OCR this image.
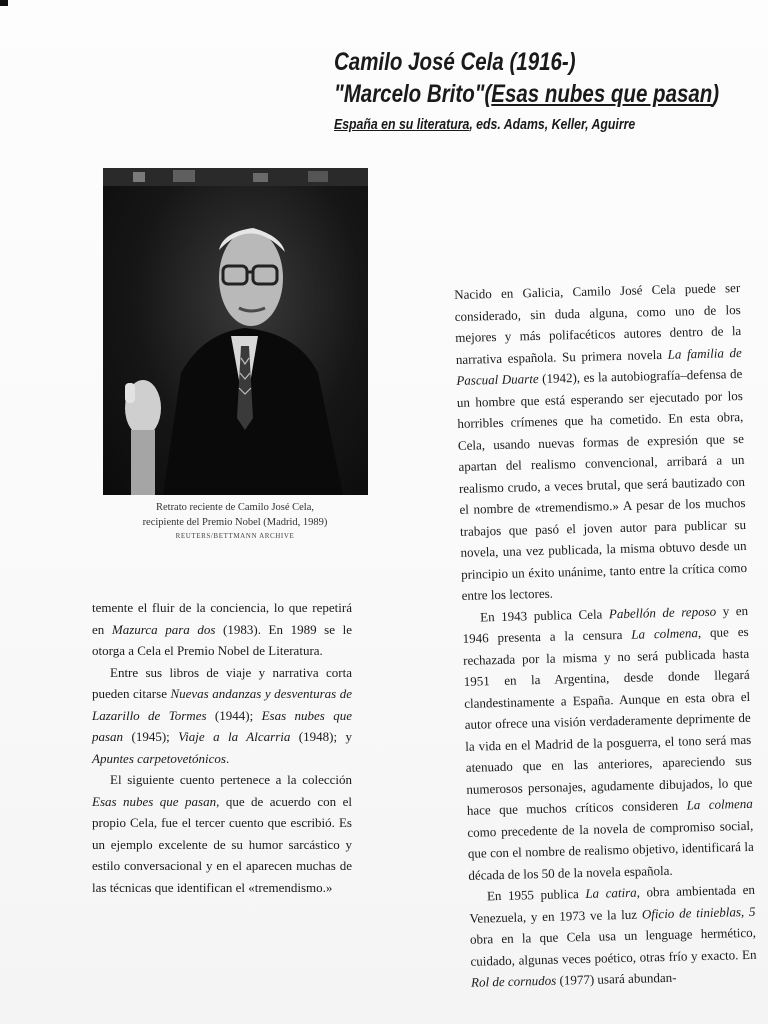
Camilo José Cela (1916-)
"Marcelo Brito"(Esas nubes que pasan)
España en su literatura, eds. Adams, Keller, Aguirre
Retrato reciente de Camilo José Cela,
recipiente del Premio Nobel (Madrid, 1989)
REUTERS/BETTMANN ARCHIVE

Nacido en Galicia, Camilo José Cela puede ser considerado, sin duda alguna, como uno de los mejores y más polifacéticos autores dentro de la narrativa española. Su primera novela La familia de Pascual Duarte (1942), es la autobiografía–defensa de un hombre que está esperando ser ejecutado por los horribles crímenes que ha cometido. En esta obra, Cela, usando nuevas formas de expresión que se apartan del realismo convencional, arribará a un realismo crudo, a veces brutal, que será bautizado con el nombre de «tremendismo.» A pesar de los muchos trabajos que pasó el joven autor para publicar su novela, una vez publicada, la misma obtuvo desde un principio un éxito unánime, tanto entre la crítica como entre los lectores.

En 1943 publica Cela Pabellón de reposo y en 1946 presenta a la censura La colmena, que es rechazada por la misma y no será publicada hasta 1951 en la Argentina, desde donde llegará clandestinamente a España. Aunque en esta obra el autor ofrece una visión verdaderamente deprimente de la vida en el Madrid de la posguerra, el tono será mas atenuado que en las anteriores, apareciendo sus numerosos personajes, agudamente dibujados, lo que hace que muchos críticos consideren La colmena como precedente de la novela de compromiso social, que con el nombre de realismo objetivo, identificará la década de los 50 de la novela española.

En 1955 publica La catira, obra ambientada en Venezuela, y en 1973 ve la luz Oficio de tinieblas, 5 obra en la que Cela usa un lenguage hermético, cuidado, algunas veces poético, otras frío y exacto. En Rol de cornudos (1977) usará abundan-

temente el fluir de la conciencia, lo que repetirá en Mazurca para dos (1983). En 1989 se le otorga a Cela el Premio Nobel de Literatura.

Entre sus libros de viaje y narrativa corta pueden citarse Nuevas andanzas y desventuras de Lazarillo de Tormes (1944); Esas nubes que pasan (1945); Viaje a la Alcarria (1948); y Apuntes carpetovetónicos.

El siguiente cuento pertenece a la colección Esas nubes que pasan, que de acuerdo con el propio Cela, fue el tercer cuento que escribió. Es un ejemplo excelente de su humor sarcástico y estilo conversacional y en el aparecen muchas de las técnicas que identifican el «tremendismo.»
